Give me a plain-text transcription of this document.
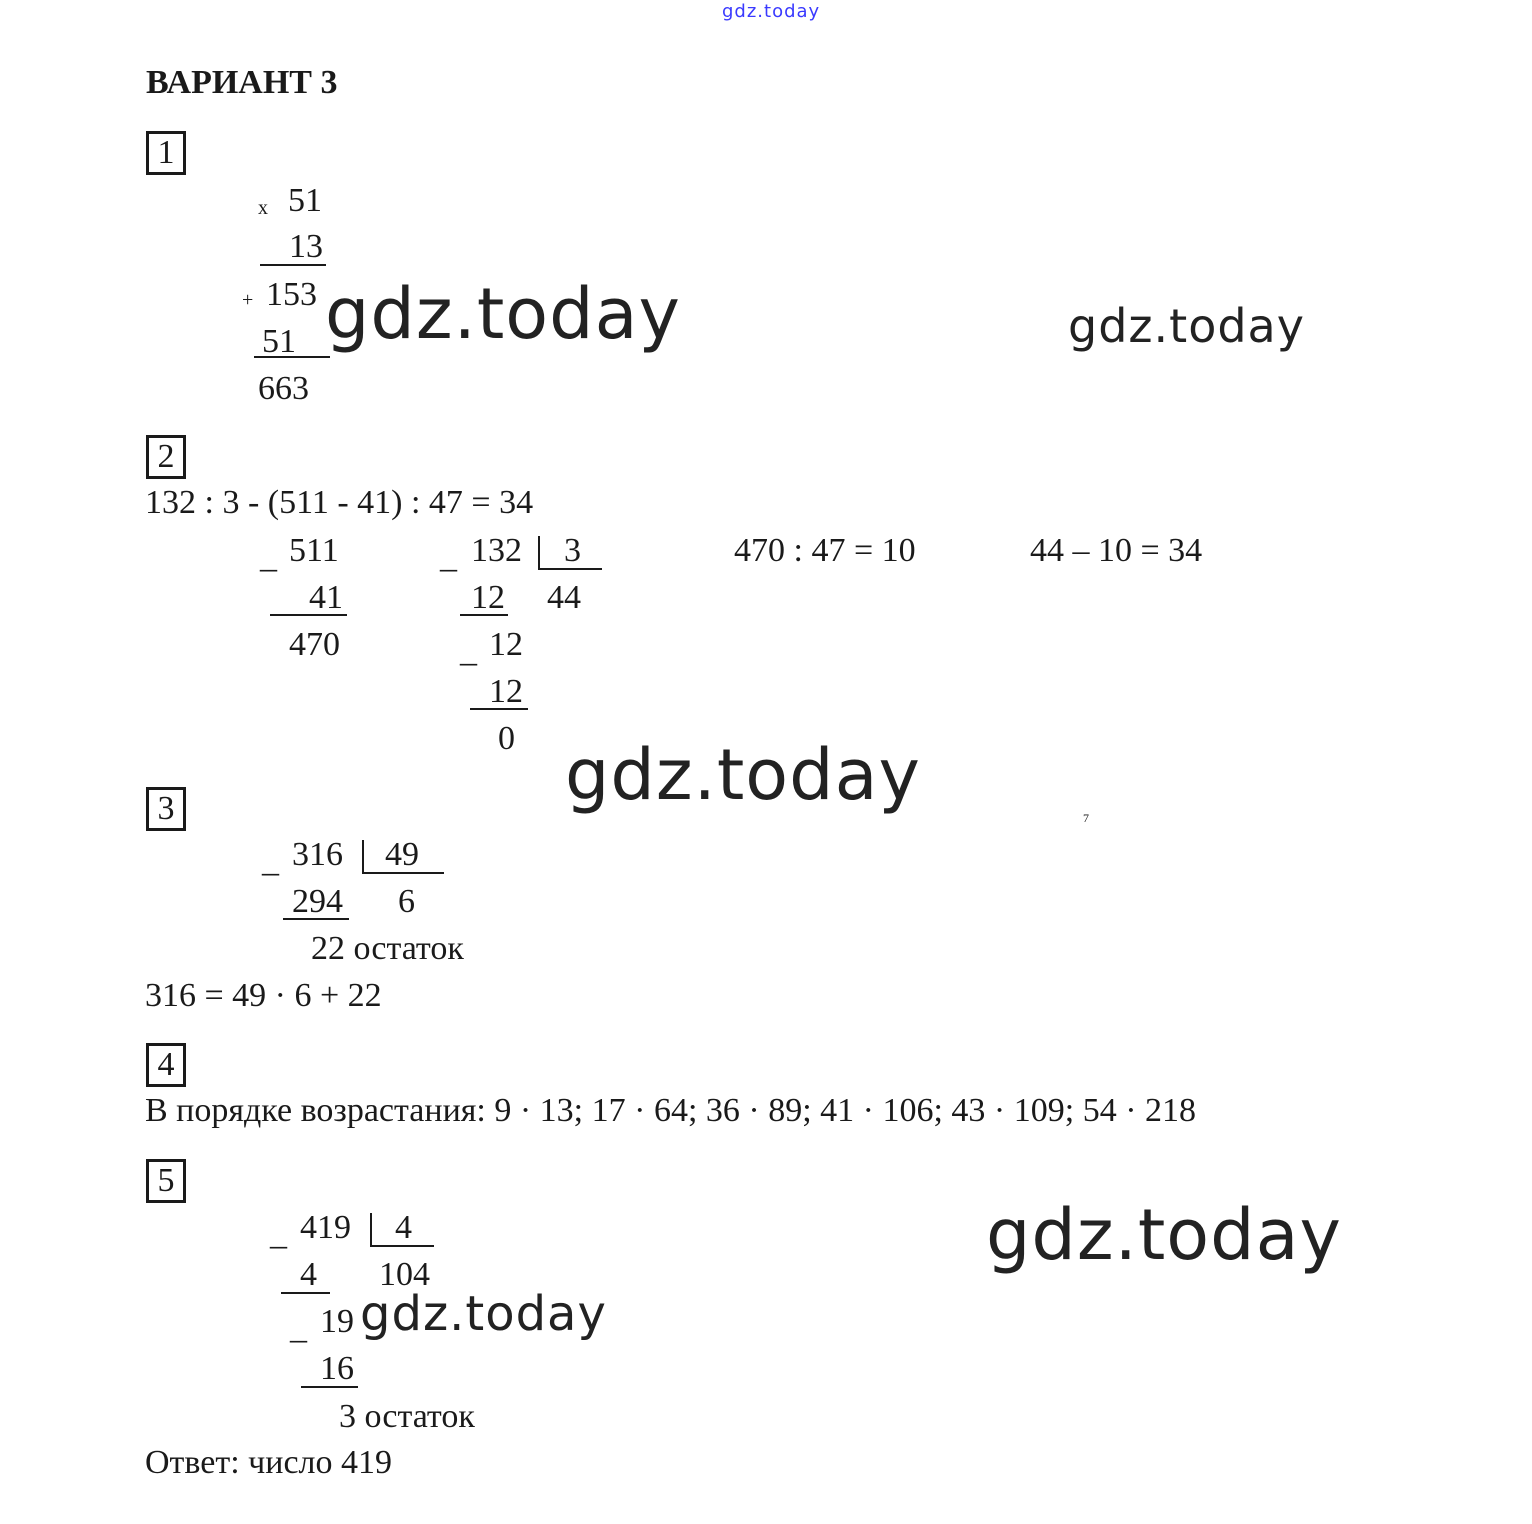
gdz.today
ВАРИАНТ 3
1
x 51
13
+ 153
51
663
gdz.today	gdz.today
2
132 : 3 - (511 - 41) : 47 = 34
_ 511
41
470
_ 132 3
44
12
_ 12
12
0
470 : 47 = 10	44 – 10 = 34
gdz.today
7
3
_ 316 49
294 6
22 остаток
316 = 49 · 6 + 22
4
В порядке возрастания: 9 · 13; 17 · 64; 36 · 89; 41 · 106; 43 · 109; 54 · 218
5
_ 419 4
4 104
_ 19
16
3 остаток
Ответ: число 419
gdz.today
gdz.today
